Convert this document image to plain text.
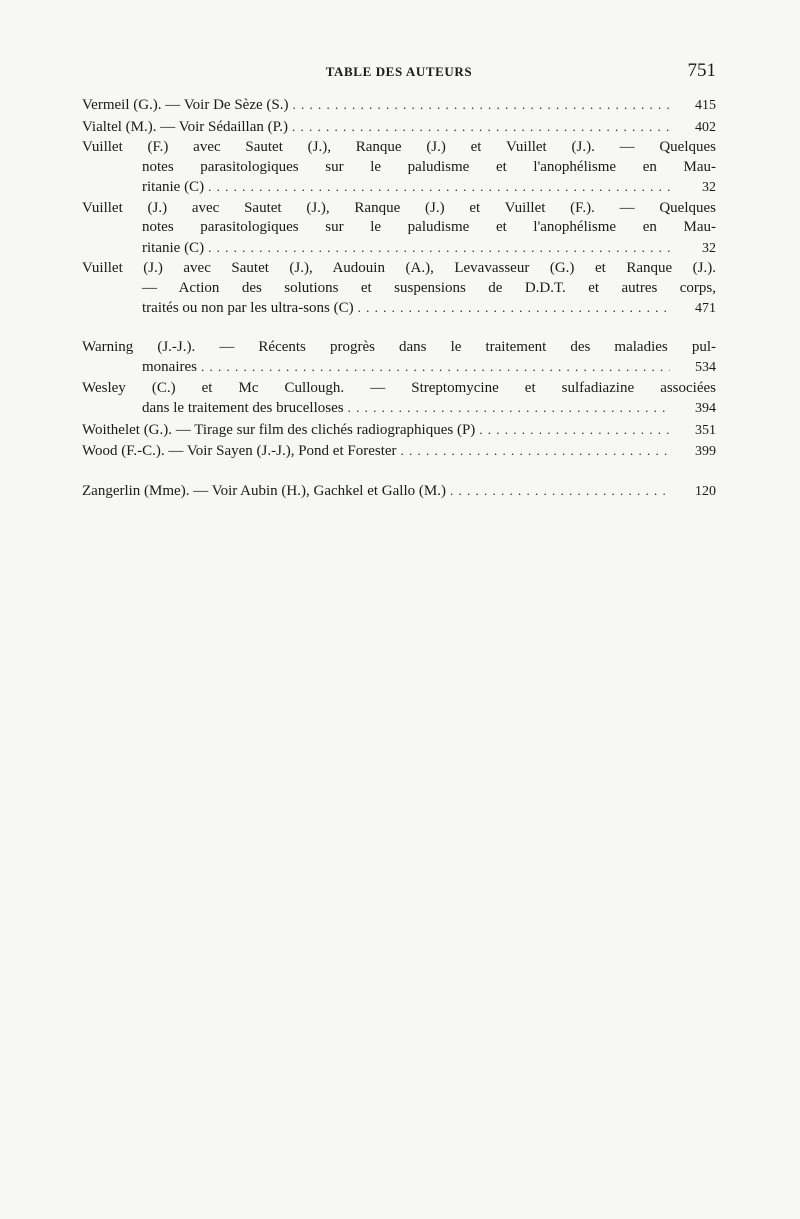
TABLE DES AUTEURS	751
Vermeil (G.). — Voir De Sèze (S.) . . .	415
Vialtel (M.). — Voir Sédaillan (P.) . . .	402
Vuillet (F.) avec Sautet (J.), Ranque (J.) et Vuillet (J.). — Quelques
notes parasitologiques sur le paludisme et l'anophélisme en Mau-
ritanie (C) . . .	32
Vuillet (J.) avec Sautet (J.), Ranque (J.) et Vuillet (F.). — Quelques
notes parasitologiques sur le paludisme et l'anophélisme en Mau-
ritanie (C) . . .	32
Vuillet (J.) avec Sautet (J.), Audouin (A.), Levavasseur (G.) et Ranque (J.).
— Action des solutions et suspensions de D.D.T. et autres corps,
traités ou non par les ultra-sons (C) . . .	471
Warning (J.-J.). — Récents progrès dans le traitement des maladies pul-
monaires . . .	534
Wesley (C.) et Mc Cullough. — Streptomycine et sulfadiazine associées
dans le traitement des brucelloses . . .	394
Woithelet (G.). — Tirage sur film des clichés radiographiques (P) . . .	351
Wood (F.-C.). — Voir Sayen (J.-J.), Pond et Forester . . .	399
Zangerlin (Mme). — Voir Aubin (H.), Gachkel et Gallo (M.) . . .	120
